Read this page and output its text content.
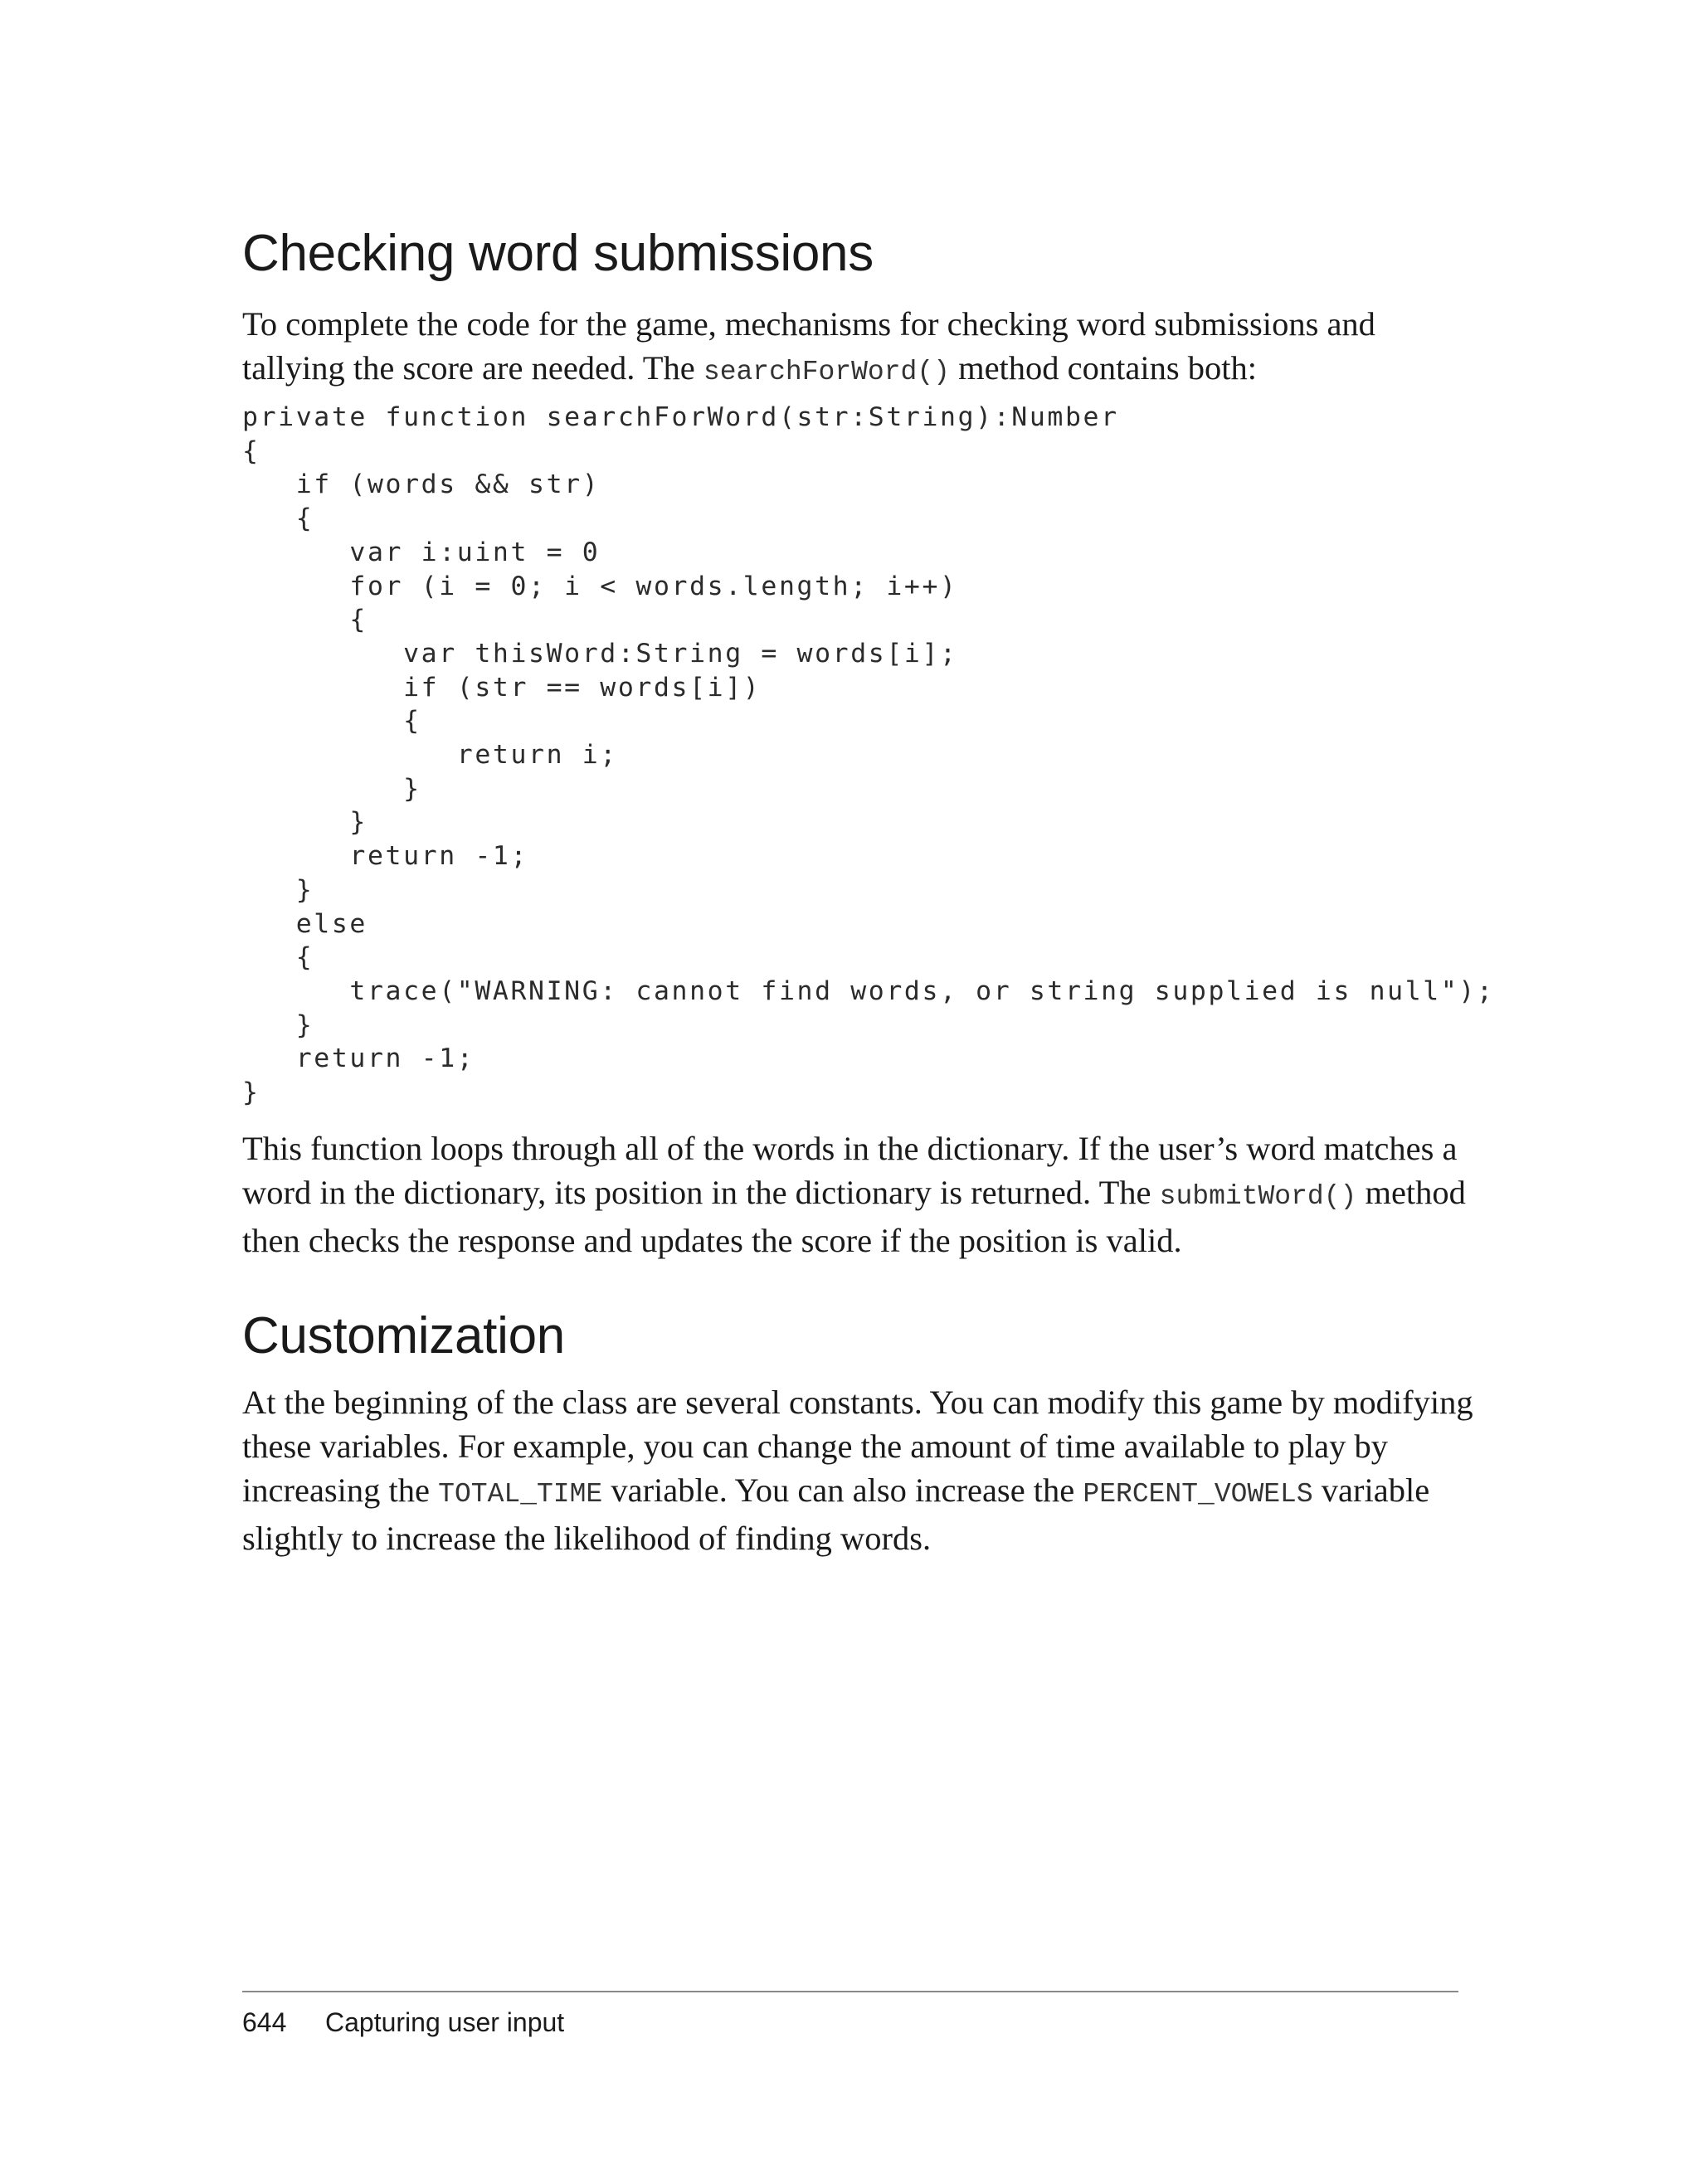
Checking word submissions

To complete the code for the game, mechanisms for checking word submissions and tallying the score are needed. The searchForWord() method contains both:

private function searchForWord(str:String):Number
{
if (words && str)
{
var i:uint = 0
for (i = 0; i < words.length; i++)
{
var thisWord:String = words[i];
if (str == words[i])
{
return i;
}
}
return -1;
}
else
{
trace("WARNING: cannot find words, or string supplied is null");
}
return -1;
}

This function loops through all of the words in the dictionary. If the user’s word matches a word in the dictionary, its position in the dictionary is returned. The submitWord() method then checks the response and updates the score if the position is valid.

Customization

At the beginning of the class are several constants. You can modify this game by modifying these variables. For example, you can change the amount of time available to play by increasing the TOTAL_TIME variable. You can also increase the PERCENT_VOWELS variable slightly to increase the likelihood of finding words.

644 Capturing user input
